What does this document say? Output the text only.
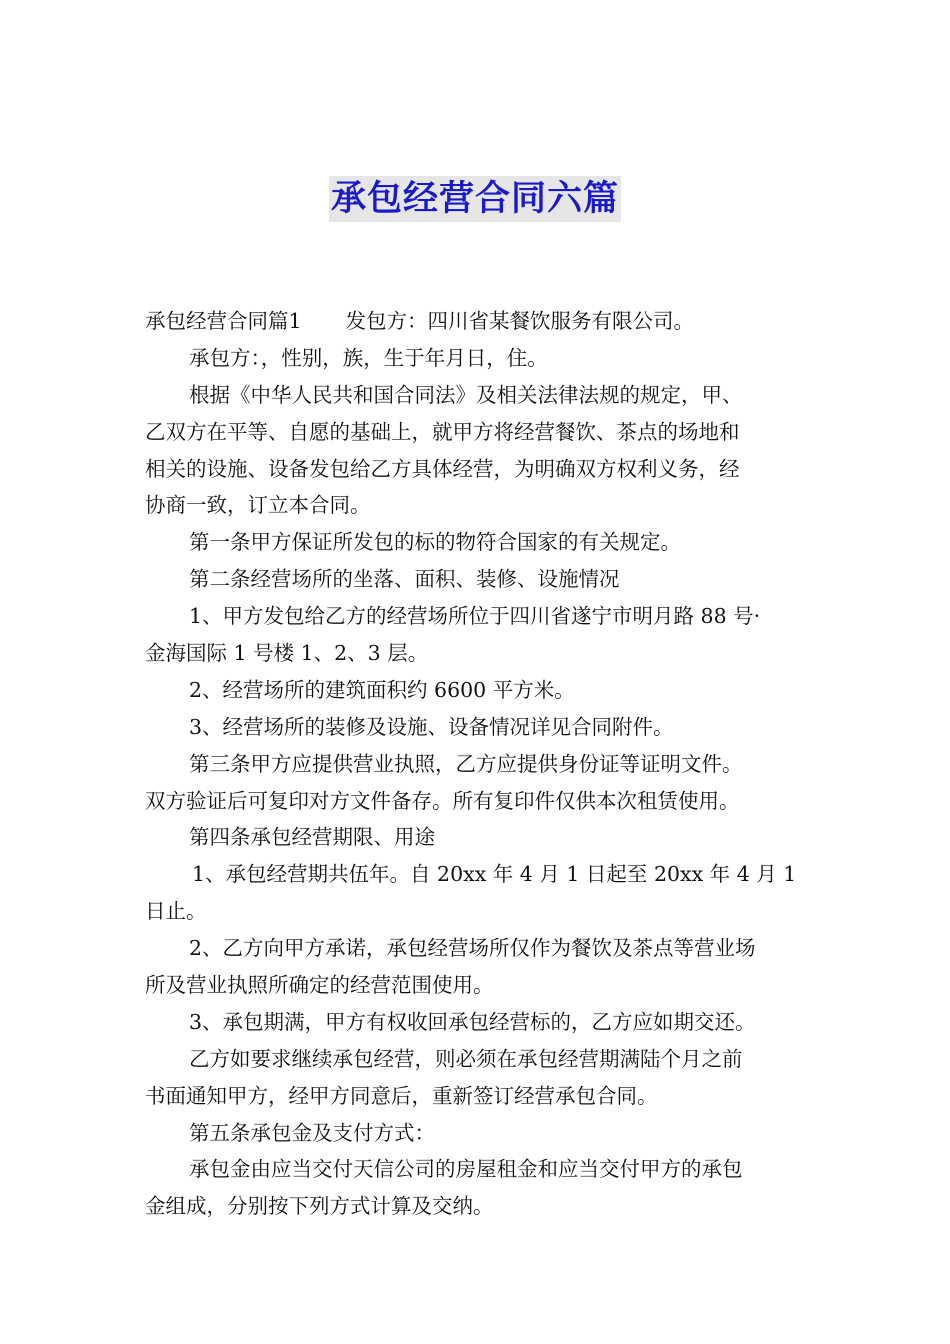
承包经营合同六篇
承包经营合同篇1 发包方：四川省某餐饮服务有限公司。
承包方：，性别，族，生于年月日，住。
根据《中华人民共和国合同法》及相关法律法规的规定，甲、
乙双方在平等、自愿的基础上，就甲方将经营餐饮、茶点的场地和
相关的设施、设备发包给乙方具体经营，为明确双方权利义务，经
协商一致，订立本合同。
第一条甲方保证所发包的标的物符合国家的有关规定。
第二条经营场所的坐落、面积、装修、设施情况
1、甲方发包给乙方的经营场所位于四川省遂宁市明月路 88 号·
金海国际 1 号楼 1、2、3 层。
2、经营场所的建筑面积约 6600 平方米。
3、经营场所的装修及设施、设备情况详见合同附件。
第三条甲方应提供营业执照，乙方应提供身份证等证明文件。
双方验证后可复印对方文件备存。所有复印件仅供本次租赁使用。
第四条承包经营期限、用途
1、承包经营期共伍年。自 20xx 年 4 月 1 日起至 20xx 年 4 月 1
日止。
2、乙方向甲方承诺，承包经营场所仅作为餐饮及茶点等营业场
所及营业执照所确定的经营范围使用。
3、承包期满，甲方有权收回承包经营标的，乙方应如期交还。
乙方如要求继续承包经营，则必须在承包经营期满陆个月之前
书面通知甲方，经甲方同意后，重新签订经营承包合同。
第五条承包金及支付方式：
承包金由应当交付天信公司的房屋租金和应当交付甲方的承包
金组成，分别按下列方式计算及交纳。
